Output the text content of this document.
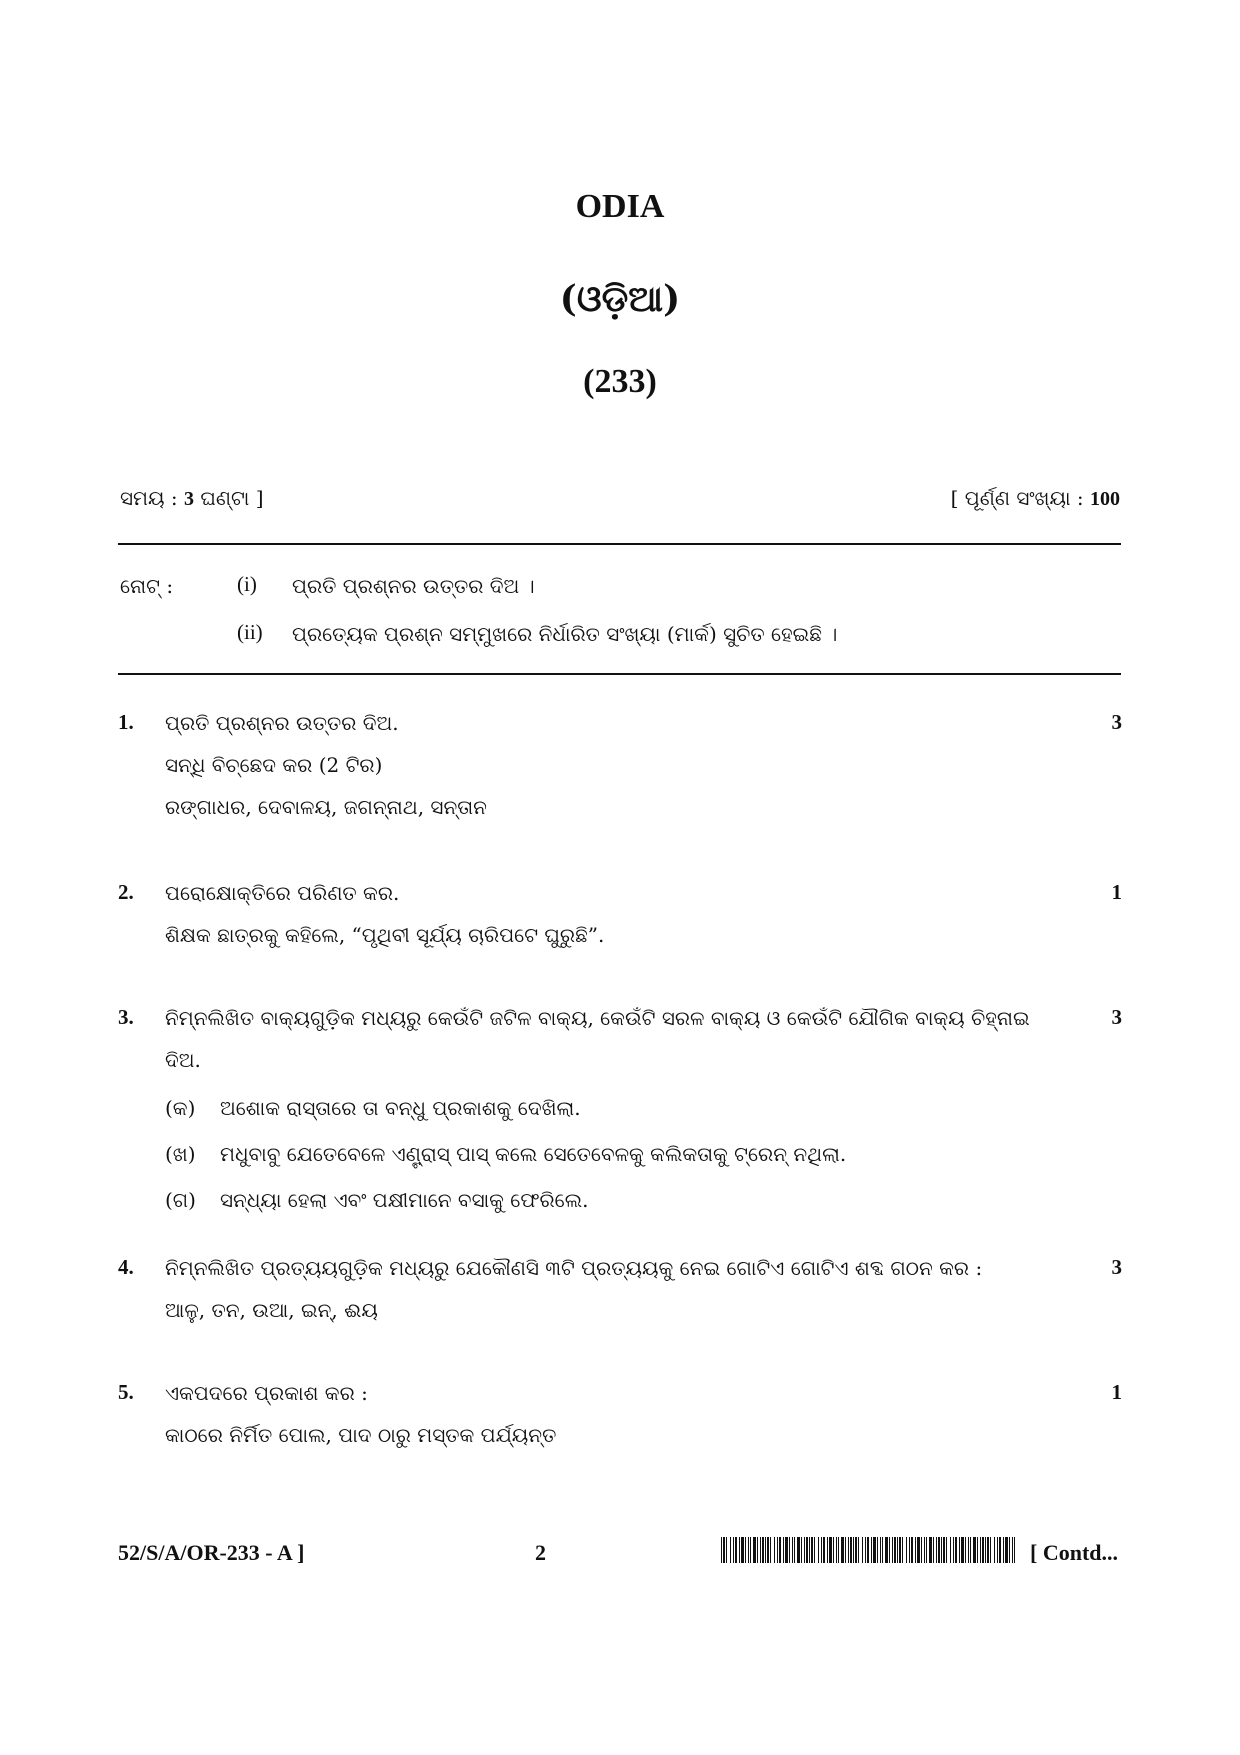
ODIA
(ଓଡ଼ିଆ)
(233)
ସମୟ : 3 ଘଣ୍ଟା ]	[ ପୂର୍ଣ୍ଣ ସଂଖ୍ୟା : 100
ନୋଟ୍ :	(i) ପ୍ରତି ପ୍ରଶ୍ନର ଉତ୍ତର ଦିଅ ।
(ii) ପ୍ରତ୍ୟେକ ପ୍ରଶ୍ନ ସମ୍ମୁଖରେ ନିର୍ଧାରିତ ସଂଖ୍ୟା (ମାର୍କ) ସୁଚିତ ହେଇଛି ।
1. ପ୍ରତି ପ୍ରଶ୍ନର ଉତ୍ତର ଦିଅ.
ସନ୍ଧି ବିଚ୍ଛେଦ କର (2 ଟିର)
ରଙ୍ଗାଧର, ଦେବାଳୟ, ଜଗନ୍ନାଥ, ସନ୍ତାନ
3
2. ପରୋକ୍ଷୋକ୍ତିରେ ପରିଣତ କର.
ଶିକ୍ଷକ ଛାତ୍ରକୁ କହିଲେ, “ପୃଥିବୀ ସୂର୍ଯ୍ୟ ଚାରିପଟେ ଘୁରୁଛି”.
1
3. ନିମ୍ନଲିଖିତ ବାକ୍ୟଗୁଡ଼ିକ ମଧ୍ୟରୁ କେଉଁଟି ଜଟିଳ ବାକ୍ୟ, କେଉଁଟି ସରଳ ବାକ୍ୟ ଓ କେଉଁଟି ଯୌଗିକ ବାକ୍ୟ ଚିହ୍ନାଇ
ଦିଅ.
(କ) ଅଶୋକ ରାସ୍ତାରେ ତା ବନ୍ଧୁ ପ୍ରକାଶକୁ ଦେଖିଲା.
(ଖ) ମଧୁବାବୁ ଯେତେବେଳେ ଏଣ୍ଟ୍ରାସ୍ ପାସ୍ କଲେ ସେତେବେଳକୁ କଲିକତାକୁ ଟ୍ରେନ୍ ନଥିଲା.
(ଗ) ସନ୍ଧ୍ୟା ହେଲା ଏବଂ ପକ୍ଷୀମାନେ ବସାକୁ ଫେରିଲେ.
3
4. ନିମ୍ନଲିଖିତ ପ୍ରତ୍ୟୟଗୁଡ଼ିକ ମଧ୍ୟରୁ ଯେକୌଣସି ୩ଟି ପ୍ରତ୍ୟୟକୁ ନେଇ ଗୋଟିଏ ଗୋଟିଏ ଶବ୍ଦ ଗଠନ କର :
ଆଳୁ, ତନ, ଉଆ, ଇନ୍, ଈୟ
3
5. ଏକପଦରେ ପ୍ରକାଶ କର :
କାଠରେ ନିର୍ମିତ ପୋଲ, ପାଦ ଠାରୁ ମସ୍ତକ ପର୍ଯ୍ୟନ୍ତ
1
52/S/A/OR-233 - A ]	2	[ Contd...
